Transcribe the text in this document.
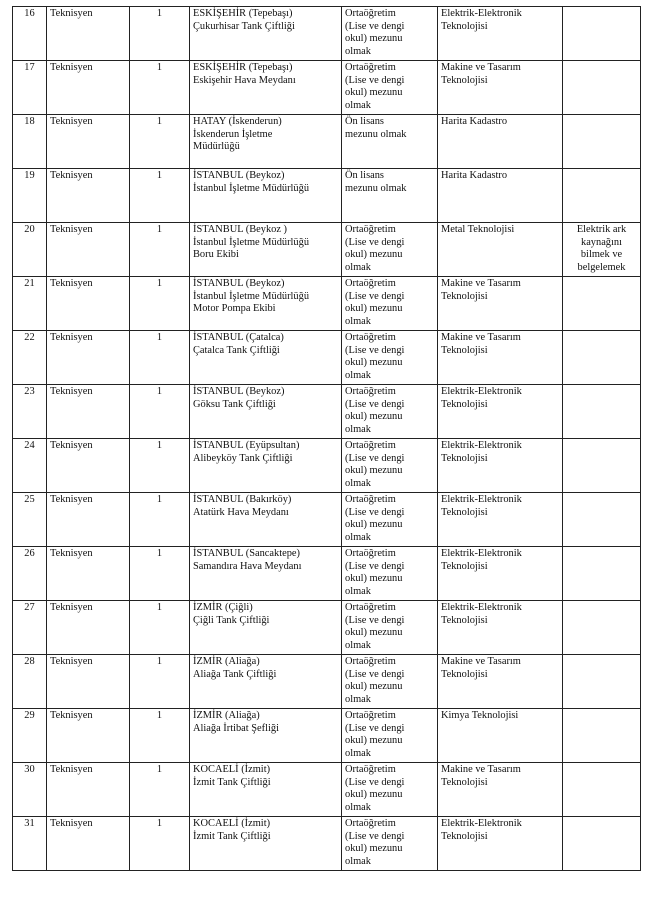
16	Teknisyen	1	ESKİŞEHİR (Tepebaşı)
Çukurhisar Tank Çiftliği	Ortaöğretim
(Lise ve dengi
okul) mezunu
olmak	Elektrik-Elektronik
Teknolojisi	

17	Teknisyen	1	ESKİŞEHİR (Tepebaşı)
Eskişehir Hava Meydanı	Ortaöğretim
(Lise ve dengi
okul) mezunu
olmak	Makine ve Tasarım
Teknolojisi	

18	Teknisyen	1	HATAY (İskenderun)
İskenderun İşletme
Müdürlüğü	Ön lisans
mezunu olmak	Harita Kadastro	

19	Teknisyen	1	İSTANBUL (Beykoz)
İstanbul İşletme Müdürlüğü	Ön lisans
mezunu olmak	Harita Kadastro	

20	Teknisyen	1	İSTANBUL (Beykoz )
İstanbul İşletme Müdürlüğü
Boru Ekibi	Ortaöğretim
(Lise ve dengi
okul) mezunu
olmak	Metal Teknolojisi	Elektrik ark
kaynağını
bilmek ve
belgelemek

21	Teknisyen	1	İSTANBUL (Beykoz)
İstanbul İşletme Müdürlüğü
Motor Pompa Ekibi	Ortaöğretim
(Lise ve dengi
okul) mezunu
olmak	Makine ve Tasarım
Teknolojisi	

22	Teknisyen	1	İSTANBUL (Çatalca)
Çatalca Tank Çiftliği	Ortaöğretim
(Lise ve dengi
okul) mezunu
olmak	Makine ve Tasarım
Teknolojisi	

23	Teknisyen	1	İSTANBUL (Beykoz)
Göksu Tank Çiftliği	Ortaöğretim
(Lise ve dengi
okul) mezunu
olmak	Elektrik-Elektronik
Teknolojisi	

24	Teknisyen	1	İSTANBUL (Eyüpsultan)
Alibeyköy Tank Çiftliği	Ortaöğretim
(Lise ve dengi
okul) mezunu
olmak	Elektrik-Elektronik
Teknolojisi	

25	Teknisyen	1	İSTANBUL (Bakırköy)
Atatürk Hava Meydanı	Ortaöğretim
(Lise ve dengi
okul) mezunu
olmak	Elektrik-Elektronik
Teknolojisi	

26	Teknisyen	1	İSTANBUL (Sancaktepe)
Samandıra Hava Meydanı	Ortaöğretim
(Lise ve dengi
okul) mezunu
olmak	Elektrik-Elektronik
Teknolojisi	

27	Teknisyen	1	İZMİR (Çiğli)
Çiğli Tank Çiftliği	Ortaöğretim
(Lise ve dengi
okul) mezunu
olmak	Elektrik-Elektronik
Teknolojisi	

28	Teknisyen	1	İZMİR (Aliağa)
Aliağa Tank Çiftliği	Ortaöğretim
(Lise ve dengi
okul) mezunu
olmak	Makine ve Tasarım
Teknolojisi	

29	Teknisyen	1	İZMİR (Aliağa)
Aliağa İrtibat Şefliği	Ortaöğretim
(Lise ve dengi
okul) mezunu
olmak	Kimya Teknolojisi	

30	Teknisyen	1	KOCAELİ (İzmit)
İzmit Tank Çiftliği	Ortaöğretim
(Lise ve dengi
okul) mezunu
olmak	Makine ve Tasarım
Teknolojisi	

31	Teknisyen	1	KOCAELİ (İzmit)
İzmit Tank Çiftliği	Ortaöğretim
(Lise ve dengi
okul) mezunu
olmak	Elektrik-Elektronik
Teknolojisi	
